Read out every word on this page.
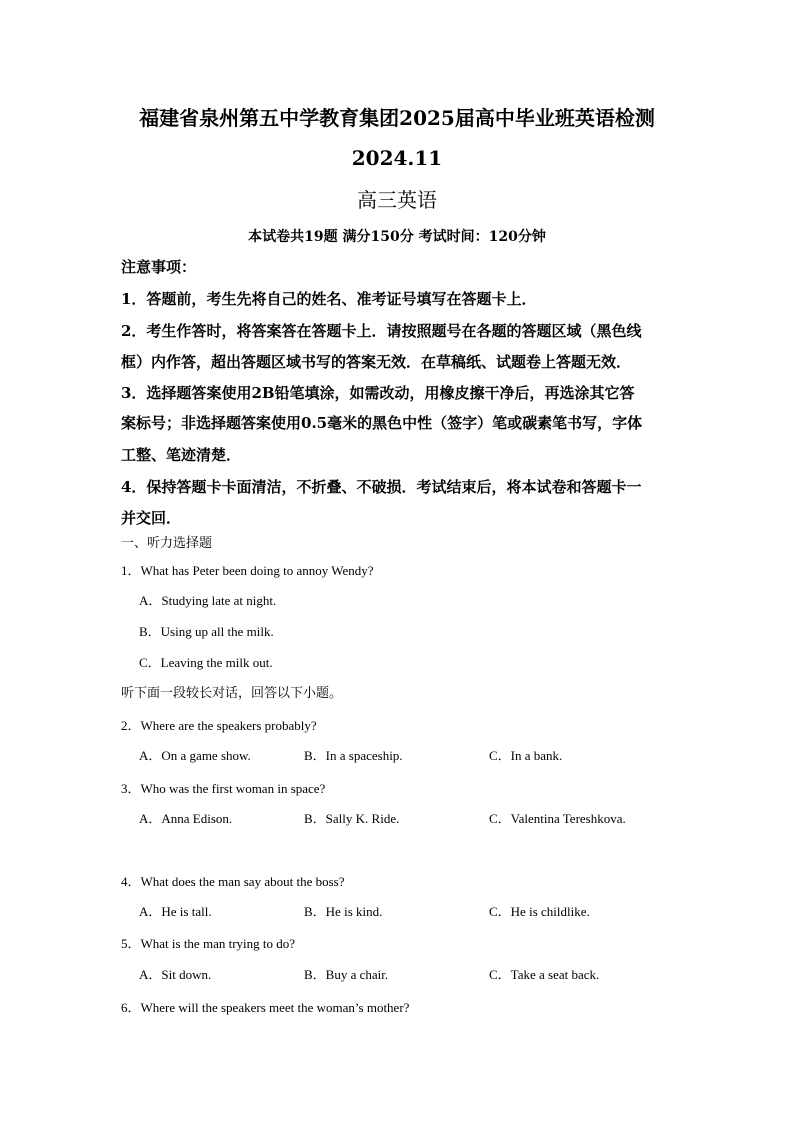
福建省泉州第五中学教育集团2025届高中毕业班英语检测
2024.11
高三英语
本试卷共19题 满分150分 考试时间：120分钟
注意事项：
1．答题前，考生先将自己的姓名、准考证号填写在答题卡上．
2．考生作答时，将答案答在答题卡上．请按照题号在各题的答题区域（黑色线
框）内作答，超出答题区域书写的答案无效．在草稿纸、试题卷上答题无效．
3．选择题答案使用2B铅笔填涂，如需改动，用橡皮擦干净后，再选涂其它答
案标号；非选择题答案使用0.5毫米的黑色中性（签字）笔或碳素笔书写，字体
工整、笔迹清楚．
4．保持答题卡卡面清洁，不折叠、不破损．考试结束后，将本试卷和答题卡一
并交回．
一、听力选择题
1．What has Peter been doing to annoy Wendy?
A．Studying late at night.
B．Using up all the milk.
C．Leaving the milk out.
听下面一段较长对话，回答以下小题。
2．Where are the speakers probably?
A．On a game show.	B．In a spaceship.	C．In a bank.
3．Who was the first woman in space?
A．Anna Edison.	B．Sally K. Ride.	C．Valentina Tereshkova.
4．What does the man say about the boss?
A．He is tall.	B．He is kind.	C．He is childlike.
5．What is the man trying to do?
A．Sit down.	B．Buy a chair.	C．Take a seat back.
6．Where will the speakers meet the woman’s mother?
